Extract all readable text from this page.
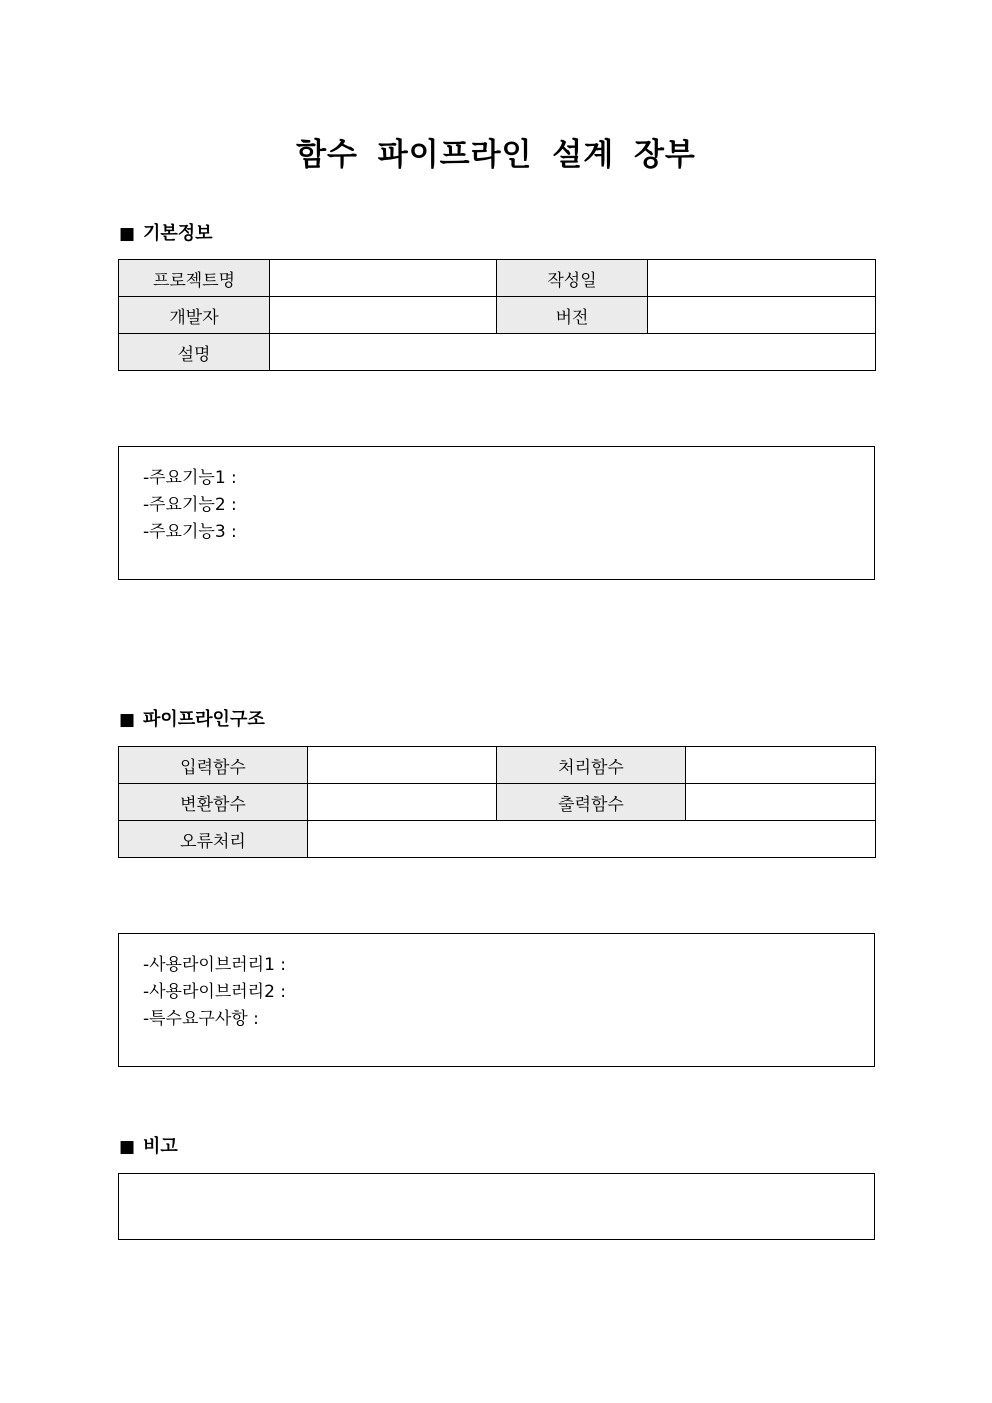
함수 파이프라인 설계 장부
■ 기본정보
프로젝트명		작성일	
개발자		버전	
설명			
-주요기능1 :
-주요기능2 :
-주요기능3 :
■ 파이프라인구조
입력함수		처리함수	
변환함수		출력함수	
오류처리			
-사용라이브러리1 :
-사용라이브러리2 :
-특수요구사항 :
■ 비고
